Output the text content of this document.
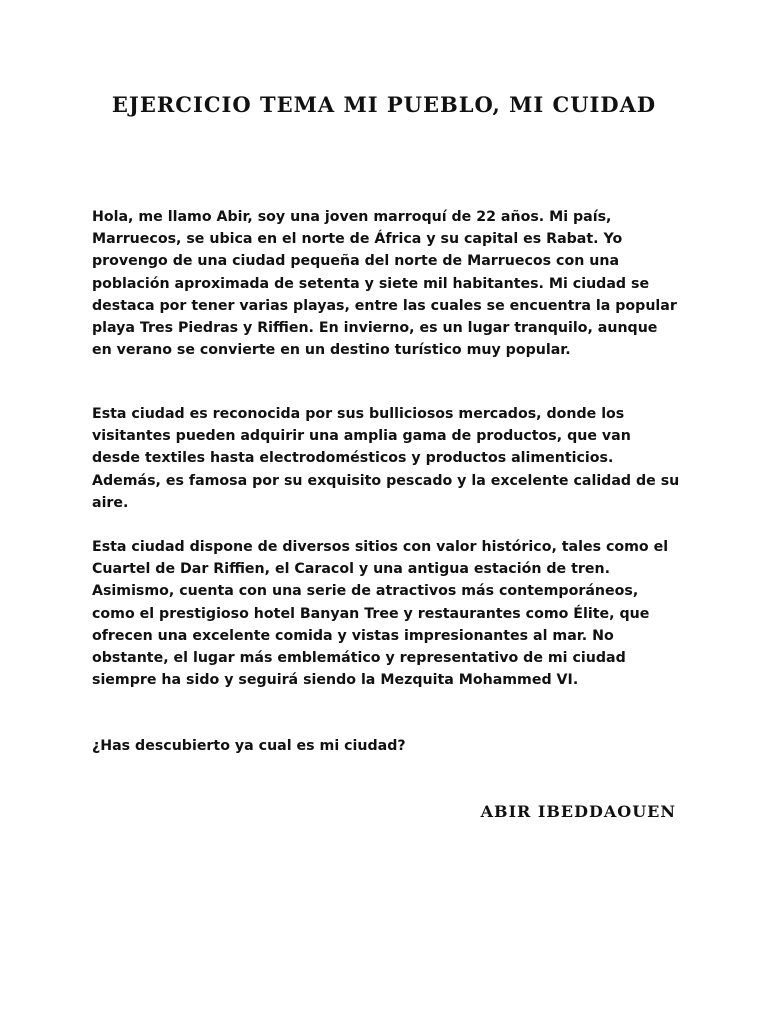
EJERCICIO TEMA MI PUEBLO, MI CUIDAD

Hola, me llamo Abir, soy una joven marroquí de 22 años. Mi país, Marruecos, se ubica en el norte de África y su capital es Rabat. Yo provengo de una ciudad pequeña del norte de Marruecos con una población aproximada de setenta y siete mil habitantes. Mi ciudad se destaca por tener varias playas, entre las cuales se encuentra la popular playa Tres Piedras y Riffien. En invierno, es un lugar tranquilo, aunque en verano se convierte en un destino turístico muy popular.

Esta ciudad es reconocida por sus bulliciosos mercados, donde los visitantes pueden adquirir una amplia gama de productos, que van desde textiles hasta electrodomésticos y productos alimenticios. Además, es famosa por su exquisito pescado y la excelente calidad de su aire.

Esta ciudad dispone de diversos sitios con valor histórico, tales como el Cuartel de Dar Riffien, el Caracol y una antigua estación de tren. Asimismo, cuenta con una serie de atractivos más contemporáneos, como el prestigioso hotel Banyan Tree y restaurantes como Élite, que ofrecen una excelente comida y vistas impresionantes al mar. No obstante, el lugar más emblemático y representativo de mi ciudad siempre ha sido y seguirá siendo la Mezquita Mohammed VI.

¿Has descubierto ya cual es mi ciudad?

ABIR IBEDDAOUEN
